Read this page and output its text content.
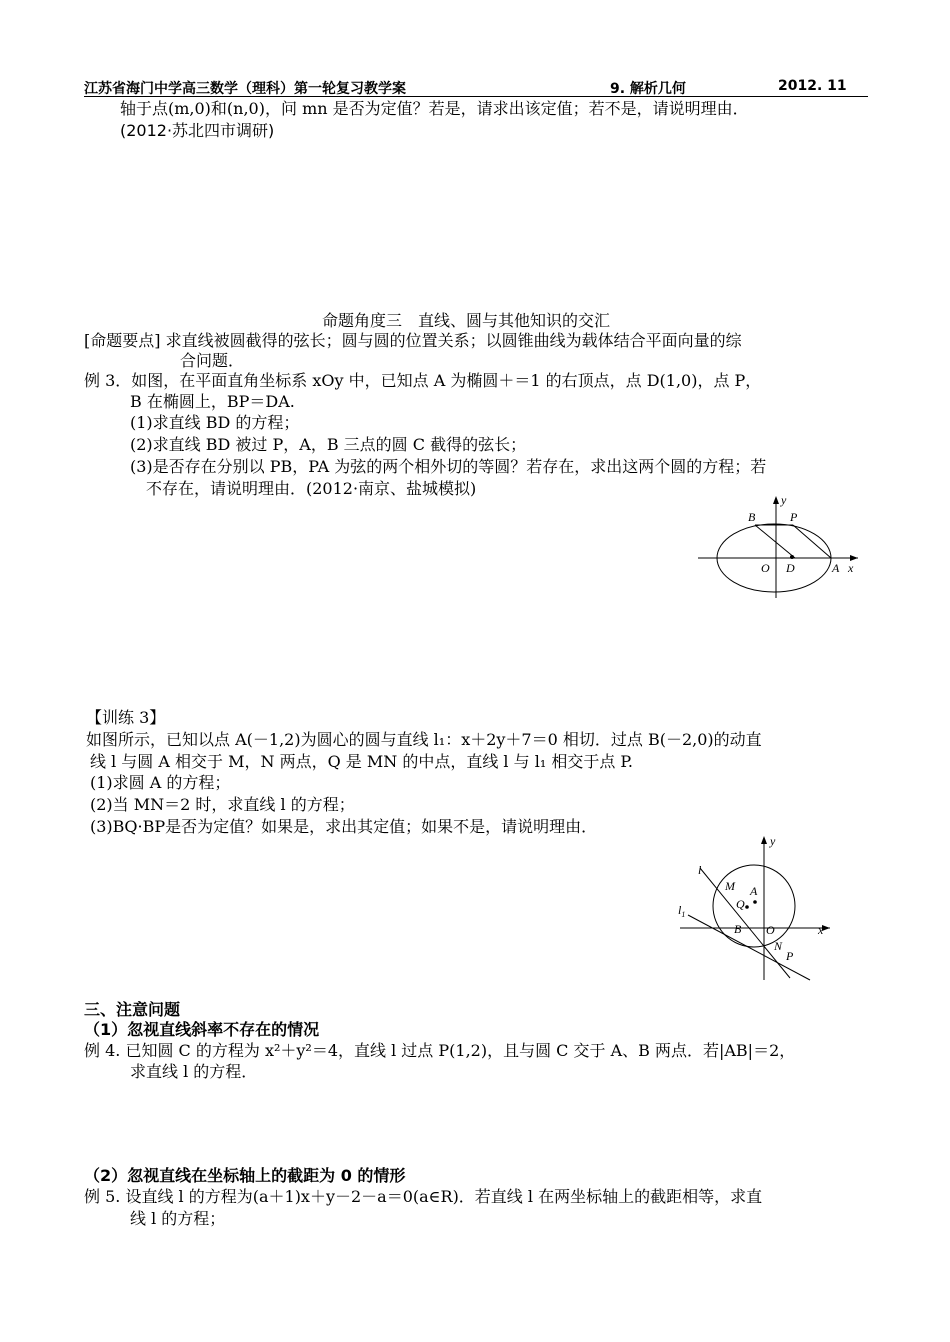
江苏省海门中学高三数学（理科）第一轮复习教学案	9. 解析几何	2012. 11
轴于点(m,0)和(n,0)，问 mn 是否为定值？若是，请求出该定值；若不是，请说明理由．
(2012·苏北四市调研)
命题角度三　直线、圆与其他知识的交汇
[命题要点] 求直线被圆截得的弦长；圆与圆的位置关系；以圆锥曲线为载体结合平面向量的综
合问题．
例 3．如图，在平面直角坐标系 xOy 中，已知点 A 为椭圆＋＝1 的右顶点，点 D(1,0)，点 P，
B 在椭圆上，BP＝DA.
(1)求直线 BD 的方程；
(2)求直线 BD 被过 P，A，B 三点的圆 C 截得的弦长；
(3)是否存在分别以 PB，PA 为弦的两个相外切的等圆？若存在，求出这两个圆的方程；若
不存在，请说明理由．(2012·南京、盐城模拟)
B	P
O D	A x
y
【训练 3】
如图所示，已知以点 A(－1,2)为圆心的圆与直线 l₁：x＋2y＋7＝0 相切．过点 B(－2,0)的动直
线 l 与圆 A 相交于 M，N 两点，Q 是 MN 的中点，直线 l 与 l₁ 相交于点 P.
(1)求圆 A 的方程；
(2)当 MN＝2 时，求直线 l 的方程；
(3)BQ·BP是否为定值？如果是，求出其定值；如果不是，请说明理由．
l
$l_1$
M A
Q
B O
N
P
x
y
三、注意问题
（1）忽视直线斜率不存在的情况
例 4. 已知圆 C 的方程为 x²＋y²＝4，直线 l 过点 P(1,2)，且与圆 C 交于 A、B 两点．若|AB|＝2，
求直线 l 的方程．
（2）忽视直线在坐标轴上的截距为 0 的情形
例 5. 设直线 l 的方程为(a＋1)x＋y－2－a＝0(a∈R)．若直线 l 在两坐标轴上的截距相等，求直
线 l 的方程；
